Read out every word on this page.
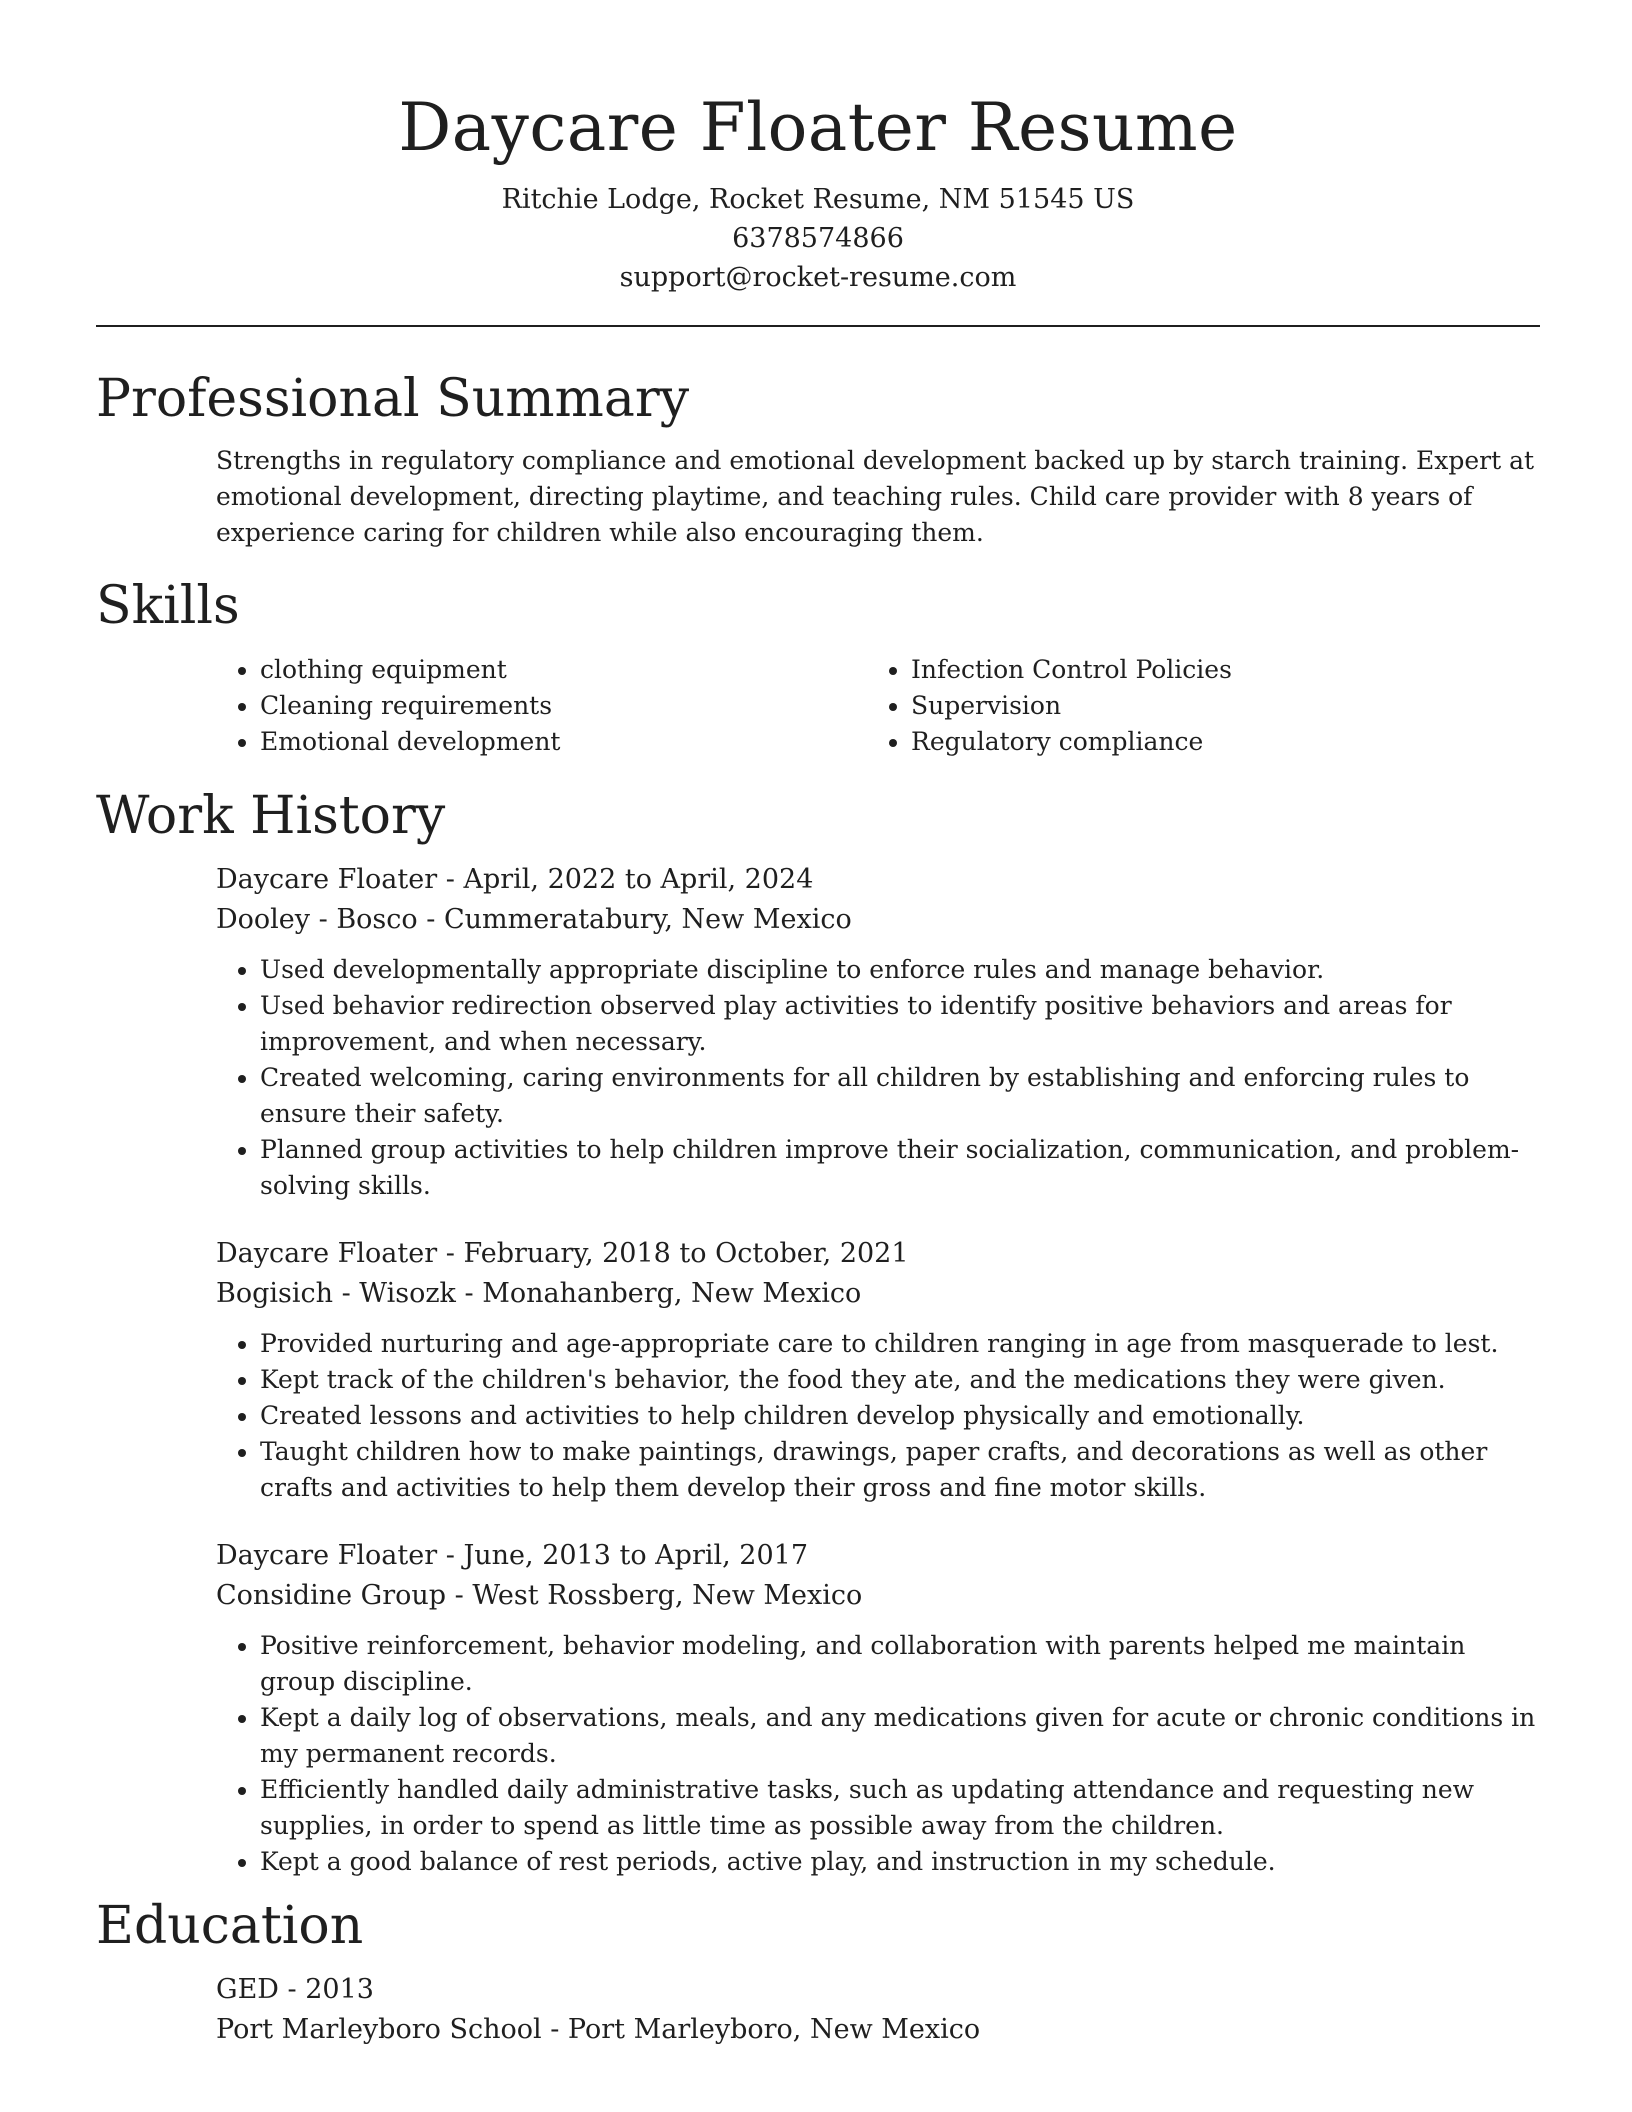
Daycare Floater Resume
Ritchie Lodge, Rocket Resume, NM 51545 US
6378574866
support@rocket-resume.com
Professional Summary

Strengths in regulatory compliance and emotional development backed up by starch training. Expert at emotional development, directing playtime, and teaching rules. Child care provider with 8 years of experience caring for children while also encouraging them.

Skills
• clothing equipment
• Cleaning requirements
• Emotional development
• Infection Control Policies
• Supervision
• Regulatory compliance
Work History
Daycare Floater - April, 2022 to April, 2024
Dooley - Bosco - Cummeratabury, New Mexico
• Used developmentally appropriate discipline to enforce rules and manage behavior.
• Used behavior redirection observed play activities to identify positive behaviors and areas for improvement, and when necessary.
• Created welcoming, caring environments for all children by establishing and enforcing rules to ensure their safety.
• Planned group activities to help children improve their socialization, communication, and problem-solving skills.
Daycare Floater - February, 2018 to October, 2021
Bogisich - Wisozk - Monahanberg, New Mexico
• Provided nurturing and age-appropriate care to children ranging in age from masquerade to lest.
• Kept track of the children's behavior, the food they ate, and the medications they were given.
• Created lessons and activities to help children develop physically and emotionally.
• Taught children how to make paintings, drawings, paper crafts, and decorations as well as other crafts and activities to help them develop their gross and fine motor skills.
Daycare Floater - June, 2013 to April, 2017
Considine Group - West Rossberg, New Mexico
• Positive reinforcement, behavior modeling, and collaboration with parents helped me maintain group discipline.
• Kept a daily log of observations, meals, and any medications given for acute or chronic conditions in my permanent records.
• Efficiently handled daily administrative tasks, such as updating attendance and requesting new supplies, in order to spend as little time as possible away from the children.
• Kept a good balance of rest periods, active play, and instruction in my schedule.
Education
GED - 2013
Port Marleyboro School - Port Marleyboro, New Mexico
